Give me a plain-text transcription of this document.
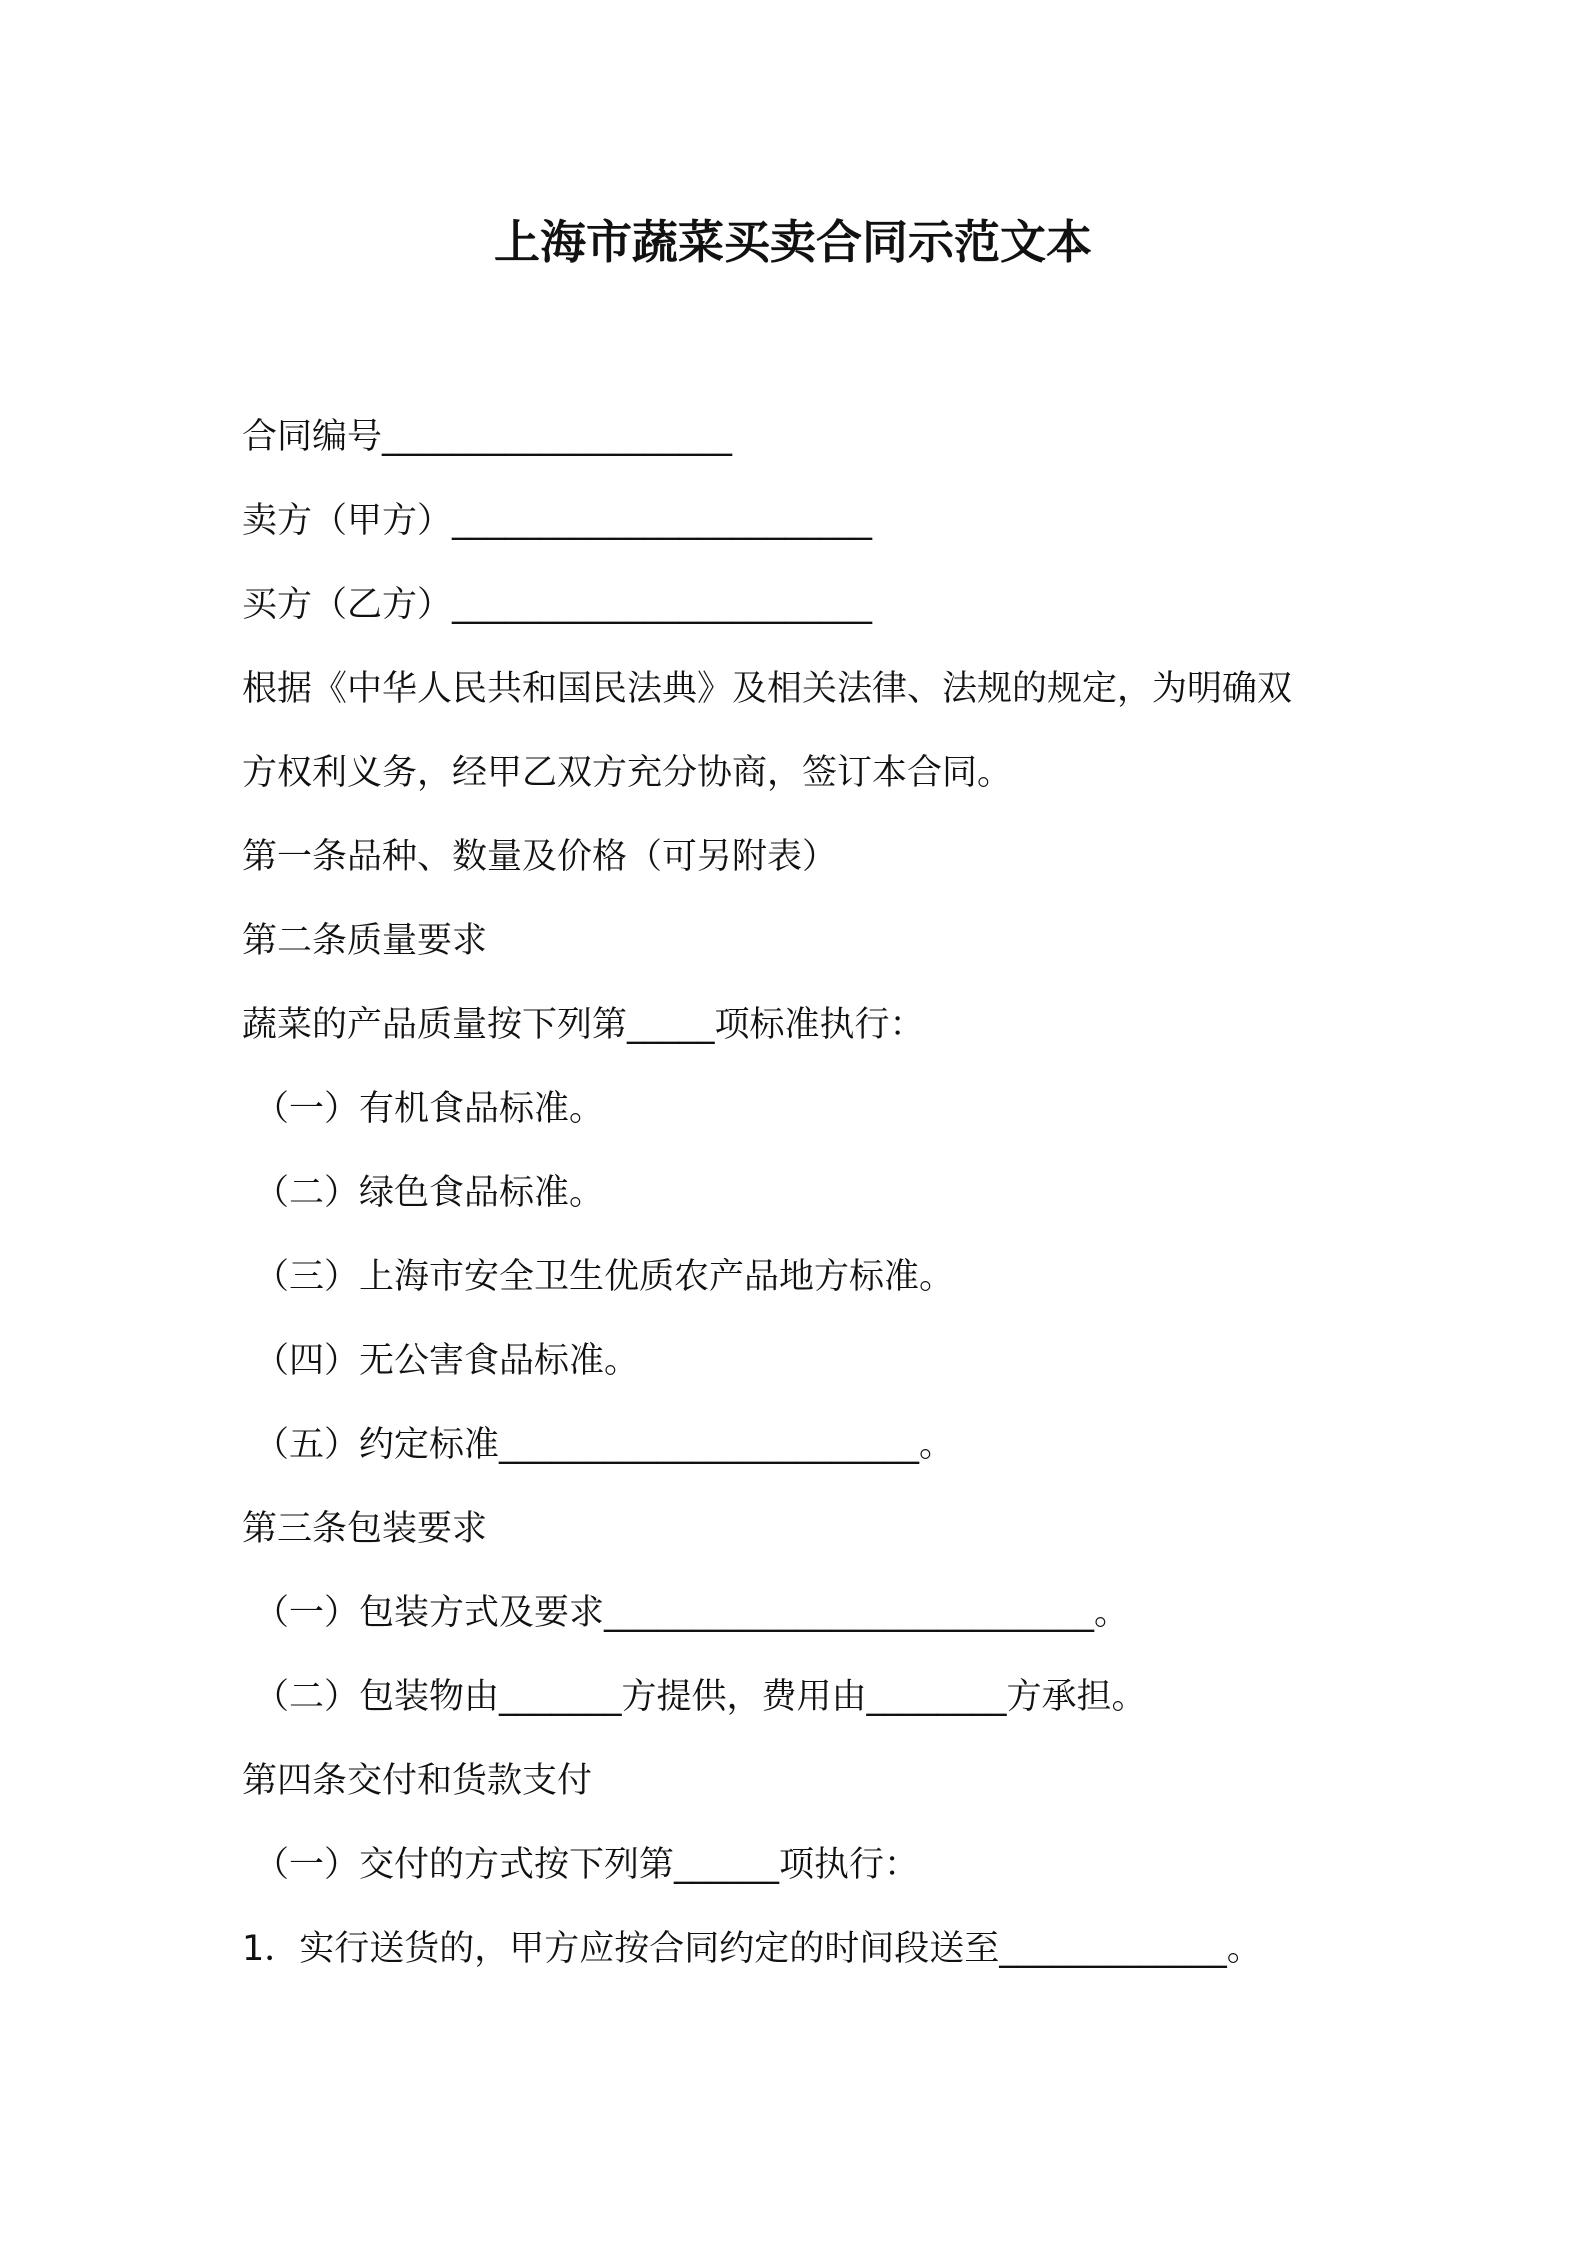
上海市蔬菜买卖合同示范文本
合同编号____________________
卖方（甲方）________________________
买方（乙方）________________________
根据《中华人民共和国民法典》及相关法律、法规的规定，为明确双
方权利义务，经甲乙双方充分协商，签订本合同。
第一条品种、数量及价格（可另附表）
第二条质量要求
蔬菜的产品质量按下列第_____项标准执行：
（一）有机食品标准。
（二）绿色食品标准。
（三）上海市安全卫生优质农产品地方标准。
（四）无公害食品标准。
（五）约定标准________________________。
第三条包装要求
（一）包装方式及要求____________________________。
（二）包装物由_______方提供，费用由________方承担。
第四条交付和货款支付
（一）交付的方式按下列第______项执行：
1．实行送货的，甲方应按合同约定的时间段送至_____________。
